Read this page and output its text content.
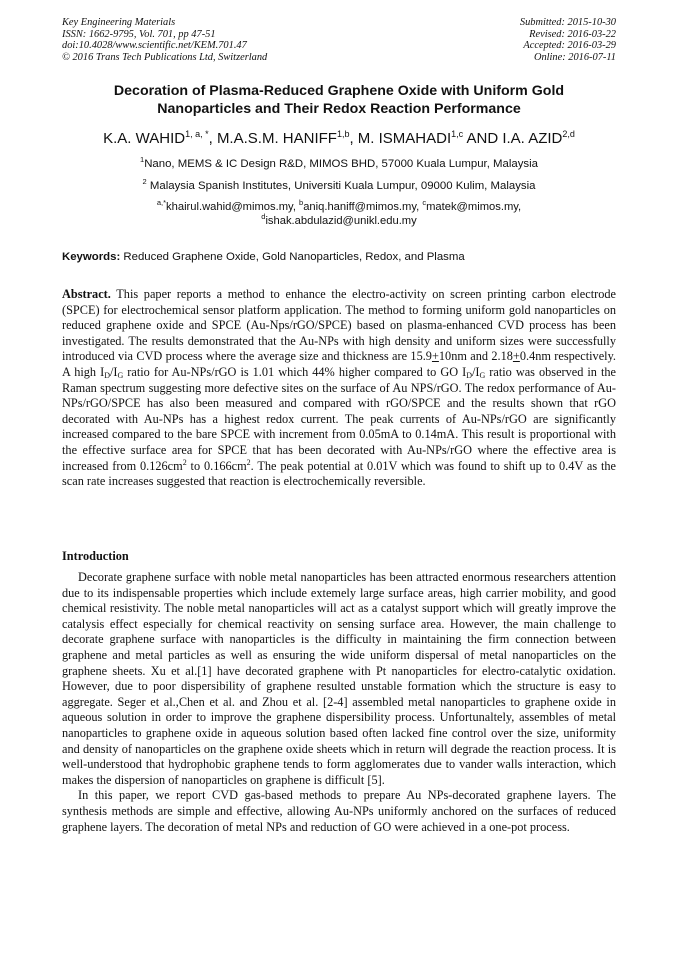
Key Engineering Materials
ISSN: 1662-9795, Vol. 701, pp 47-51
doi:10.4028/www.scientific.net/KEM.701.47
© 2016 Trans Tech Publications Ltd, Switzerland
Submitted: 2015-10-30
Revised: 2016-03-22
Accepted: 2016-03-29
Online: 2016-07-11
Decoration of Plasma-Reduced Graphene Oxide with Uniform Gold
Nanoparticles and Their Redox Reaction Performance
K.A. $WAHID^{1, a, *}$, M.A.S.M. HANIFF$^{1,b}$, M. ISMAHADI$^{1,c}$ AND I.A. AZID$^{2,d}$
$^1$Nano, MEMS & IC Design R&D, MIMOS BHD, 57000 Kuala Lumpur, Malaysia
$^2$ Malaysia Spanish Institutes, Universiti Kuala Lumpur, 09000 Kulim, Malaysia
$^{a,*}$khairul.wahid@mimos.my, $^b$aniq.haniff@mimos.my, $^c$matek@mimos.my,
$^d$ishak.abdulazid@unikl.edu.my
Keywords: Reduced Graphene Oxide, Gold Nanoparticles, Redox, and Plasma
Abstract. This paper reports a method to enhance the electro-activity on screen printing carbon electrode (SPCE) for electrochemical sensor platform application. The method to forming uniform gold nanoparticles on reduced graphene oxide and SPCE (Au-Nps/rGO/SPCE) based on plasma-enhanced CVD process has been investigated. The results demonstrated that the Au-NPs with high density and uniform sizes were successfully introduced via CVD process where the average size and thickness are 15.9+10nm and 2.18+0.4nm respectively. A high $I_D/I_G$ ratio for Au-NPs/rGO is 1.01 which 44% higher compared to GO $I_D/I_G$ ratio was observed in the Raman spectrum suggesting more defective sites on the surface of Au NPS/rGO. The redox performance of Au-NPs/rGO/SPCE has also been measured and compared with rGO/SPCE and the results shown that rGO decorated with Au-NPs has a highest redox current. The peak currents of Au-NPs/rGO are significantly increased compared to the bare SPCE with increment from 0.05mA to 0.14mA. This result is proportional with the effective surface area for SPCE that has been decorated with Au-NPs/rGO where the effective area is increased from $0.126cm^2$ to $0.166cm^2$. The peak potential at 0.01V which was found to shift up to 0.4V as the scan rate increases suggested that reaction is electrochemically reversible.
Introduction

Decorate graphene surface with noble metal nanoparticles has been attracted enormous researchers attention due to its indispensable properties which include extemely large surface areas, high carrier mobility, and good chemical resistivity. The noble metal nanoparticles will act as a catalyst support which will greatly improve the catalysis effect especially for chemical reactivity on sensing surface area. However, the main challenge to decorate graphene surface with nanoparticles is the difficulty in maintaining the firm connection between graphene and metal particles as well as ensuring the wide uniform dispersal of metal nanoparticles on the graphene sheets. Xu et al.[1] have decorated graphene with Pt nanoparticles for electro-catalytic oxidation. However, due to poor dispersibility of graphene resulted unstable formation which the structure is easy to aggregate. Seger et al.,Chen et al. and Zhou et al. [2-4] assembled metal nanoparticles to graphene oxide in aqueous solution in order to improve the graphene dispersibility process. Unfortunaltely, assembles of metal nanoparticles to graphene oxide in aqueous solution based often lacked fine control over the size, uniformity and density of nanoparticles on the graphene oxide sheets which in return will degrade the reaction process. It is well-understood that hydrophobic graphene tends to form agglomerates due to vander walls interaction, which makes the dispersion of nanoparticles on graphene is difficult [5].

In this paper, we report CVD gas-based methods to prepare Au NPs-decorated graphene layers. The synthesis methods are simple and effective, allowing Au-NPs uniformly anchored on the surfaces of reduced graphene layers. The decoration of metal NPs and reduction of GO were achieved in a one-pot process.
